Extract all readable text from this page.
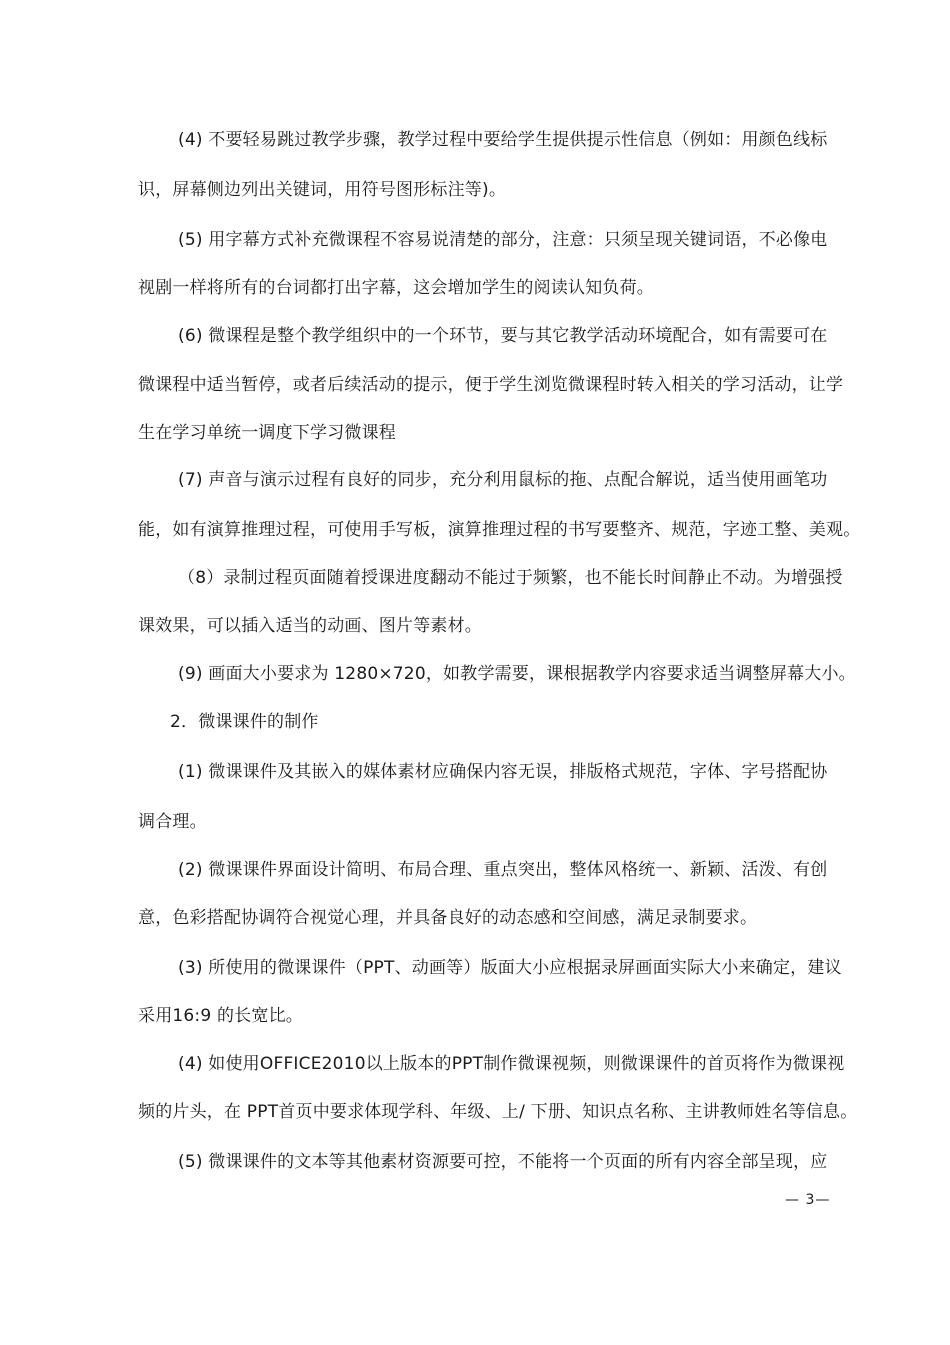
(4) 不要轻易跳过教学步骤，教学过程中要给学生提供提示性信息（例如：用颜色线标
识，屏幕侧边列出关键词，用符号图形标注等)。
(5) 用字幕方式补充微课程不容易说清楚的部分，注意：只须呈现关键词语，不必像电
视剧一样将所有的台词都打出字幕，这会增加学生的阅读认知负荷。
(6) 微课程是整个教学组织中的一个环节，要与其它教学活动环境配合，如有需要可在
微课程中适当暂停，或者后续活动的提示，便于学生浏览微课程时转入相关的学习活动，让学
生在学习单统一调度下学习微课程
(7) 声音与演示过程有良好的同步，充分利用鼠标的拖、点配合解说，适当使用画笔功
能，如有演算推理过程，可使用手写板，演算推理过程的书写要整齐、规范，字迹工整、美观。
（8）录制过程页面随着授课进度翻动不能过于频繁，也不能长时间静止不动。为增强授
课效果，可以插入适当的动画、图片等素材。
(9) 画面大小要求为 1280×720，如教学需要，课根据教学内容要求适当调整屏幕大小。
2．微课课件的制作
(1) 微课课件及其嵌入的媒体素材应确保内容无误，排版格式规范，字体、字号搭配协
调合理。
(2) 微课课件界面设计简明、布局合理、重点突出，整体风格统一、新颖、活泼、有创
意，色彩搭配协调符合视觉心理，并具备良好的动态感和空间感，满足录制要求。
(3) 所使用的微课课件（PPT、动画等）版面大小应根据录屏画面实际大小来确定，建议
采用16:9 的长宽比。
(4) 如使用OFFICE2010以上版本的PPT制作微课视频，则微课课件的首页将作为微课视
频的片头，在 PPT首页中要求体现学科、年级、上/ 下册、知识点名称、主讲教师姓名等信息。
(5) 微课课件的文本等其他素材资源要可控，不能将一个页面的所有内容全部呈现，应
— 3—
